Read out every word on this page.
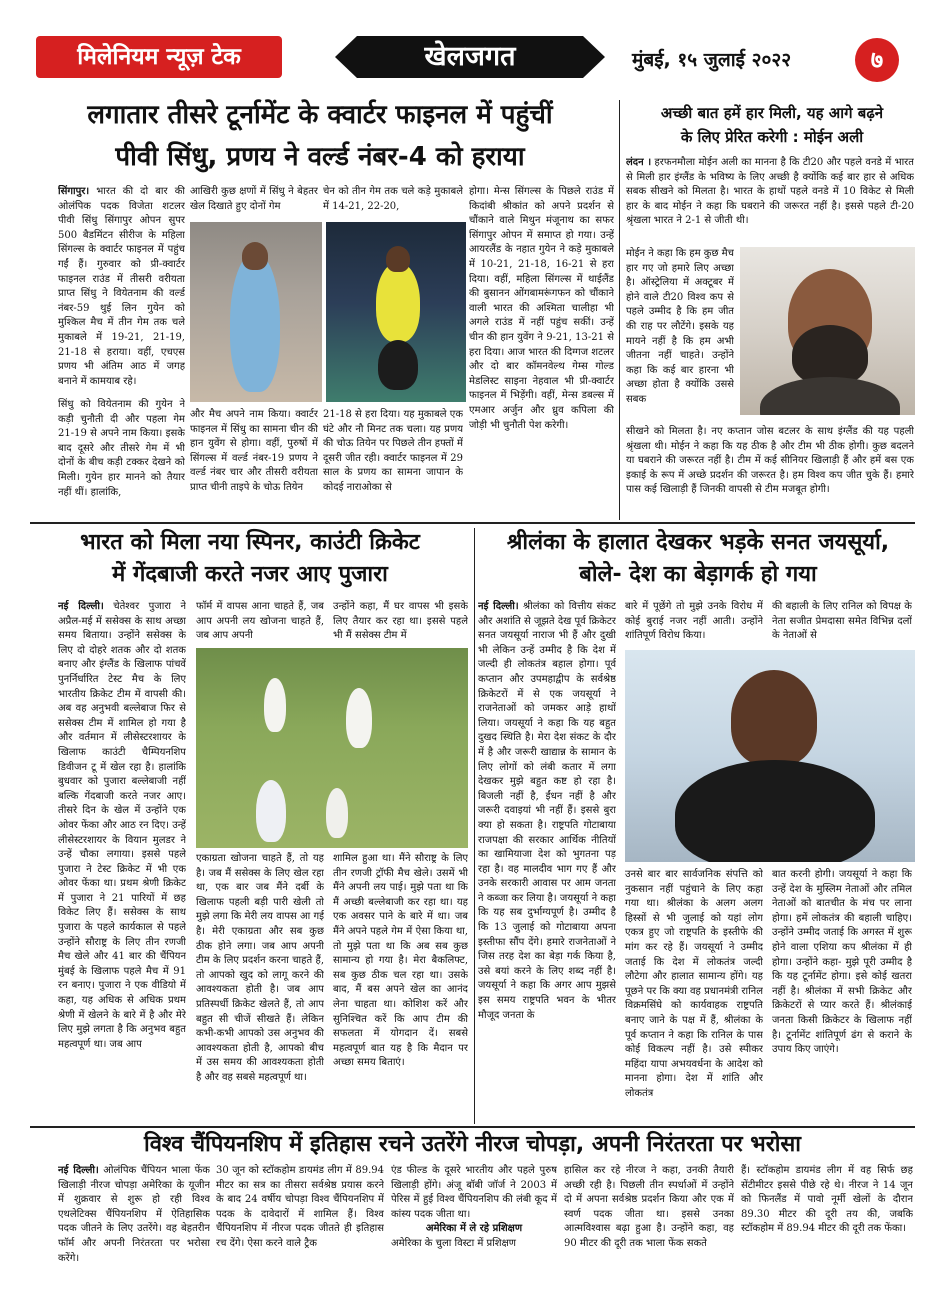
मिलेनियम न्यूज़ टेक	खेलजगत	मुंबई, १५ जुलाई २०२२	७
लगातार तीसरे टूर्नामेंट के क्वार्टर फाइनल में पहुंचीं
पीवी सिंधु, प्रणय ने वर्ल्ड नंबर-4 को हराया
सिंगापुर। भारत की दो बार की ओलंपिक पदक विजेता शटलर पीवी सिंधु सिंगापुर ओपन सुपर 500 बैडमिंटन सीरीज के महिला सिंगल्स के क्वार्टर फाइनल में पहुंच गईं हैं। गुरुवार को प्री-क्वार्टर फाइनल राउंड में तीसरी वरीयता प्राप्त सिंधु ने वियेतनाम की वर्ल्ड नंबर-59 थुई लिन गुयेन को मुश्किल मैच में तीन गेम तक चले मुकाबले में 19-21, 21-19, 21-18 से हराया। वहीं, एचएस प्रणय भी अंतिम आठ में जगह बनाने में कामयाब रहे।
सिंधु को वियेतनाम की गुयेन ने कड़ी चुनौती दी और पहला गेम 21-19 से अपने नाम किया। इसके बाद दूसरे और तीसरे गेम में भी दोनों के बीच कड़ी टक्कर देखने को मिली। गुयेन हार मानने को तैयार नहीं थीं। हालांकि,
आखिरी कुछ क्षणों में सिंधु ने बेहतर खेल दिखाते हुए दोनों गेम
चेन को तीन गेम तक चले कड़े मुकाबले में 14-21, 22-20,
और मैच अपने नाम किया। क्वार्टर फाइनल में सिंधु का सामना चीन की हान युवेंग से होगा। वहीं, पुरुषों में सिंगल्स में वर्ल्ड नंबर-19 प्रणय ने वर्ल्ड नंबर चार और तीसरी वरीयता प्राप्त चीनी ताइपे के चोऊ तियेन
21-18 से हरा दिया। यह मुकाबले एक घंटे और नौ मिनट तक चला। यह प्रणय की चोऊ तियेन पर पिछले तीन हफ्तों में दूसरी जीत रही। क्वार्टर फाइनल में 29 साल के प्रणय का सामना जापान के कोदई नाराओका से
होगा। मेन्स सिंगल्स के पिछले राउंड में किदांबी श्रीकांत को अपने प्रदर्शन से चौंकाने वाले मिथुन मंजूनाथ का सफर सिंगापुर ओपन में समाप्त हो गया। उन्हें आयरलैंड के नहात गुयेन ने कड़े मुकाबले में 10-21, 21-18, 16-21 से हरा दिया। वहीं, महिला सिंगल्स में थाईलैंड की बुसानन ओंगबामरूंगफन को चौंकाने वाली भारत की अश्मिता चालीहा भी अगले राउंड में नहीं पहुंच सकीं। उन्हें चीन की हान युवेंग ने 9-21, 13-21 से हरा दिया। आज भारत की दिग्गज शटलर और दो बार कॉमनवेल्थ गेम्स गोल्ड मेडलिस्ट साइना नेहवाल भी प्री-क्वार्टर फाइनल में भिड़ेंगी। वहीं, मेन्स डबल्स में एमआर अर्जुन और ध्रुव कपिला की जोड़ी भी चुनौती पेश करेगी।
अच्छी बात हमें हार मिली, यह आगे बढ़ने
के लिए प्रेरित करेगी : मोईन अली
लंदन । हरफनमौला मोईन अली का मानना है कि टी20 और पहले वनडे में भारत से मिली हार इंग्लैंड के भविष्य के लिए अच्छी है क्योंकि कई बार हार से अधिक सबक सीखने को मिलता है। भारत के हाथों पहले वनडे में 10 विकेट से मिली हार के बाद मोईन ने कहा कि घबराने की जरूरत नहीं है। इससे पहले टी-20 श्रृंखला भारत ने 2-1 से जीती थी।
मोईन ने कहा कि हम कुछ मैच हार गए जो हमारे लिए अच्छा है। ऑस्ट्रेलिया में अक्टूबर में होने वाले टी20 विश्व कप से पहले उम्मीद है कि हम जीत की राह पर लौटेंगे। इसके यह मायने नहीं है कि हम अभी जीतना नहीं चाहते। उन्होंने कहा कि कई बार हारना भी अच्छा होता है क्योंकि उससे सबक
सीखने को मिलता है। नए कप्तान जोस बटलर के साथ इंग्लैंड की यह पहली श्रृंखला थी। मोईन ने कहा कि यह ठीक है और टीम भी ठीक होगी। कुछ बदलने या घबराने की जरूरत नहीं है। टीम में कई सीनियर खिलाड़ी हैं और हमें बस एक इकाई के रूप में अच्छे प्रदर्शन की जरूरत है। हम विश्व कप जीत चुके हैं। हमारे पास कई खिलाड़ी हैं जिनकी वापसी से टीम मजबूत होगी।
भारत को मिला नया स्पिनर, काउंटी क्रिकेट
में गेंदबाजी करते नजर आए पुजारा
नई दिल्ली। चेतेश्वर पुजारा ने अप्रैल-मई में ससेक्स के साथ अच्छा समय बिताया। उन्होंने ससेक्स के लिए दो दोहरे शतक और दो शतक बनाए और इंग्लैंड के खिलाफ पांचवें पुनर्निर्धारित टेस्ट मैच के लिए भारतीय क्रिकेट टीम में वापसी की। अब वह अनुभवी बल्लेबाज फिर से ससेक्स टीम में शामिल हो गया है और वर्तमान में लीसेस्टरशायर के खिलाफ काउंटी चैम्पियनशिप डिवीजन टू में खेल रहा है। हालांकि बुधवार को पुजारा बल्लेबाजी नहीं बल्कि गेंदबाजी करते नजर आए। तीसरे दिन के खेल में उन्होंने एक ओवर फेंका और आठ रन दिए। उन्हें लीसेस्टरशायर के वियान मुलडर ने उन्हें चौका लगाया। इससे पहले पुजारा ने टेस्ट क्रिकेट में भी एक ओवर फेंका था। प्रथम श्रेणी क्रिकेट में पुजारा ने 21 पारियों में छह विकेट लिए हैं। ससेक्स के साथ पुजारा के पहले कार्यकाल से पहले उन्होंने सौराष्ट्र के लिए तीन रणजी मैच खेले और 41 बार की चैंपियन मुंबई के खिलाफ पहले मैच में 91 रन बनाए। पुजारा ने एक वीडियो में कहा, यह अधिक से अधिक प्रथम श्रेणी में खेलने के बारे में है और मेरे लिए मुझे लगता है कि अनुभव बहुत महत्वपूर्ण था। जब आप
फॉर्म में वापस आना चाहते हैं, जब आप अपनी लय खोजना चाहते हैं, जब आप अपनी
उन्होंने कहा, मैं घर वापस भी इसके लिए तैयार कर रहा था। इससे पहले भी मैं ससेक्स टीम में
एकाग्रता खोजना चाहते हैं, तो यह है। जब मैं ससेक्स के लिए खेल रहा था, एक बार जब मैंने दर्बी के खिलाफ पहली बड़ी पारी खेली तो मुझे लगा कि मेरी लय वापस आ गई है। मेरी एकाग्रता और सब कुछ ठीक होने लगा। जब आप अपनी टीम के लिए प्रदर्शन करना चाहते हैं, तो आपको खुद को लागू करने की आवश्यकता होती है। जब आप प्रतिस्पर्धी क्रिकेट खेलते हैं, तो आप बहुत सी चीजें सीखते हैं। लेकिन कभी-कभी आपको उस अनुभव की आवश्यकता होती है, आपको बीच में उस समय की आवश्यकता होती है और वह सबसे महत्वपूर्ण था।
शामिल हुआ था। मैंने सौराष्ट्र के लिए तीन रणजी ट्रॉफी मैच खेले। उसमें भी मैंने अपनी लय पाई। मुझे पता था कि मैं अच्छी बल्लेबाजी कर रहा था। यह एक अवसर पाने के बारे में था। जब मैंने अपने पहले गेम में ऐसा किया था, तो मुझे पता था कि अब सब कुछ सामान्य हो गया है। मेरा बैकलिफ्ट, सब कुछ ठीक चल रहा था। उसके बाद, मैं बस अपने खेल का आनंद लेना चाहता था। कोशिश करें और सुनिश्चित करें कि आप टीम की सफलता में योगदान दें। सबसे महत्वपूर्ण बात यह है कि मैदान पर अच्छा समय बिताएं।
श्रीलंका के हालात देखकर भड़के सनत जयसूर्या,
बोले- देश का बेड़ागर्क हो गया
नई दिल्ली। श्रीलंका को वित्तीय संकट और अशांति से जूझते देख पूर्व क्रिकेटर सनत जयसूर्या नाराज भी हैं और दुखी भी लेकिन उन्हें उम्मीद है कि देश में जल्दी ही लोकतंत्र बहाल होगा। पूर्व कप्तान और उपमहाद्वीप के सर्वश्रेष्ठ क्रिकेटरों में से एक जयसूर्या ने राजनेताओं को जमकर आड़े हाथों लिया। जयसूर्या ने कहा कि यह बहुत दुखद स्थिति है। मेरा देश संकट के दौर में है और जरूरी खाद्यान्न के सामान के लिए लोगों को लंबी कतार में लगा देखकर मुझे बहुत कष्ट हो रहा है। बिजली नहीं है, ईंधन नहीं है और जरूरी दवाइयां भी नहीं हैं। इससे बुरा क्या हो सकता है। राष्ट्रपति गोटाबाया राजपक्षा की सरकार आर्थिक नीतियों का खामियाजा देश को भुगतना पड़ रहा है। वह मालदीव भाग गए हैं और उनके सरकारी आवास पर आम जनता ने कब्जा कर लिया है। जयसूर्या ने कहा कि यह सब दुर्भाग्यपूर्ण है। उम्मीद है कि 13 जुलाई को गोटाबाया अपना इस्तीफा सौंप देंगे। हमारे राजनेताओं ने जिस तरह देश का बेड़ा गर्क किया है, उसे बयां करने के लिए शब्द नहीं है। जयसूर्या ने कहा कि अगर आप मुझसे इस समय राष्ट्रपति भवन के भीतर मौजूद जनता के
बारे में पूछेंगे तो मुझे उनके विरोध में कोई बुराई नजर नहीं आती। उन्होंने शांतिपूर्ण विरोध किया।
की बहाली के लिए रानिल को विपक्ष के नेता सजीत प्रेमदासा समेत विभिन्न दलों के नेताओं से
उनसे बार बार सार्वजनिक संपत्ति को नुकसान नहीं पहुंचाने के लिए कहा गया था। श्रीलंका के अलग अलग हिस्सों से भी जुलाई को यहां लोग एकत्र हुए जो राष्ट्रपति के इस्तीफे की मांग कर रहे हैं। जयसूर्या ने उम्मीद जताई कि देश में लोकतंत्र जल्दी लौटेगा और हालात सामान्य होंगे। यह पूछने पर कि क्या वह प्रधानमंत्री रानिल विक्रमसिंघे को कार्यवाहक राष्ट्रपति बनाए जाने के पक्ष में हैं, श्रीलंका के पूर्व कप्तान ने कहा कि रानिल के पास कोई विकल्प नहीं है। उसे स्पीकर महिंदा यापा अभयवर्धना के आदेश को मानना होगा। देश में शांति और लोकतंत्र
बात करनी होगी। जयसूर्या ने कहा कि उन्हें देश के मुस्लिम नेताओं और तमिल नेताओं को बातचीत के मंच पर लाना होगा। हमें लोकतंत्र की बहाली चाहिए। उन्होंने उम्मीद जताई कि अगस्त में शुरू होने वाला एशिया कप श्रीलंका में ही होगा। उन्होंने कहा- मुझे पूरी उम्मीद है कि यह टूर्नामेंट होगा। इसे कोई खतरा नहीं है। श्रीलंका में सभी क्रिकेट और क्रिकेटरों से प्यार करते हैं। श्रीलंकाई जनता किसी क्रिकेटर के खिलाफ नहीं है। टूर्नामेंट शांतिपूर्ण ढंग से कराने के उपाय किए जाएंगे।
विश्व चैंपियनशिप में इतिहास रचने उतरेंगे नीरज चोपड़ा, अपनी निरंतरता पर भरोसा
नई दिल्ली। ओलंपिक चैंपियन भाला फेंक खिलाड़ी नीरज चोपड़ा अमेरिका के यूजीन में शुक्रवार से शुरू हो रही विश्व एथलेटिक्स चैंपियनशिप में ऐतिहासिक पदक जीतने के लिए उतरेंगे। वह बेहतरीन फॉर्म और अपनी निरंतरता पर भरोसा करेंगे।
30 जून को स्टॉकहोम डायमंड लीग में 89.94 मीटर का सत्र का तीसरा सर्वश्रेष्ठ प्रयास करने के बाद 24 वर्षीय चोपड़ा विश्व चैंपियनशिप में पदक के दावेदारों में शामिल हैं। विश्व चैंपियनशिप में नीरज पदक जीतते ही इतिहास रच देंगे। ऐसा करने वाले ट्रैक
एंड फील्ड के दूसरे भारतीय और पहले पुरुष खिलाड़ी होंगे। अंजू बॉबी जॉर्ज ने 2003 में पेरिस में हुई विश्व चैंपियनशिप की लंबी कूद में कांस्य पदक जीता था।
अमेरिका में ले रहे प्रशिक्षण
अमेरिका के चुला विस्टा में प्रशिक्षण
हासिल कर रहे नीरज ने कहा, उनकी तैयारी अच्छी रही है। पिछली तीन स्पर्धाओं में उन्होंने दो में अपना सर्वश्रेष्ठ प्रदर्शन किया और एक में स्वर्ण पदक जीता था। इससे उनका आत्मविश्वास बढ़ा हुआ है। उन्होंने कहा, वह 90 मीटर की दूरी तक भाला फेंक सकते
हैं। स्टॉकहोम डायमंड लीग में वह सिर्फ छह सेंटीमीटर इससे पीछे रहे थे। नीरज ने 14 जून को फिनलैंड में पावो नूर्मी खेलों के दौरान 89.30 मीटर की दूरी तय की, जबकि स्टॉकहोम में 89.94 मीटर की दूरी तक फेंका।
